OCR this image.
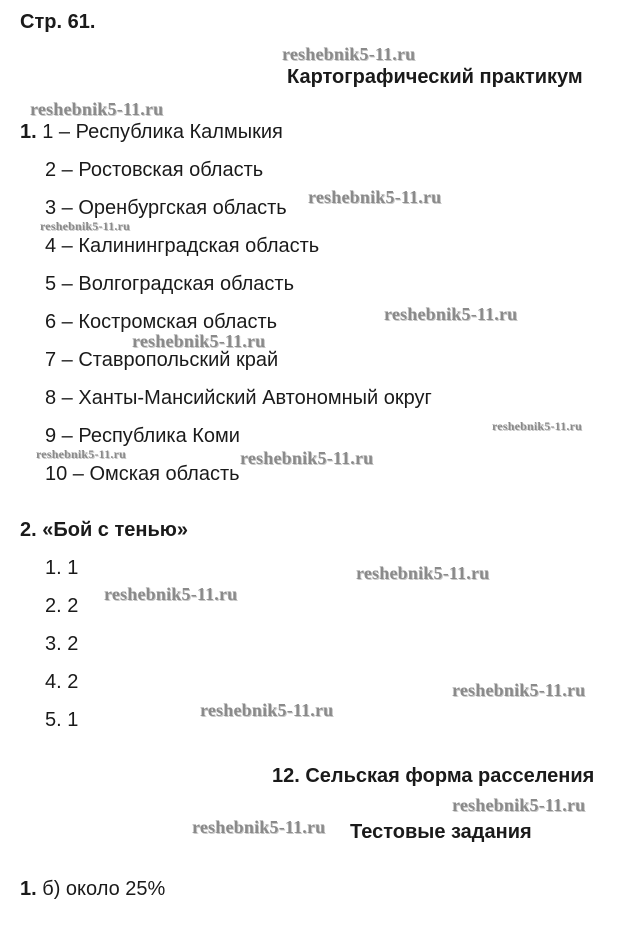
Стр. 61.
Картографический практикум
1. 1 – Республика Калмыкия
2 – Ростовская область
3 – Оренбургская область
4 – Калининградская область
5 – Волгоградская область
6 – Костромская область
7 – Ставропольский край
8 – Ханты-Мансийский Автономный округ
9 – Республика Коми
10 – Омская область
2. «Бой с тенью»
1. 1
2. 2
3. 2
4. 2
5. 1
12. Сельская форма расселения
Тестовые задания
1. б) около 25%
reshebnik5-11.ru
reshebnik5-11.ru
reshebnik5-11.ru
reshebnik5-11.ru
reshebnik5-11.ru
reshebnik5-11.ru
reshebnik5-11.ru
reshebnik5-11.ru	reshebnik5-11.ru
reshebnik5-11.ru
reshebnik5-11.ru
reshebnik5-11.ru
reshebnik5-11.ru
reshebnik5-11.ru
reshebnik5-11.ru
